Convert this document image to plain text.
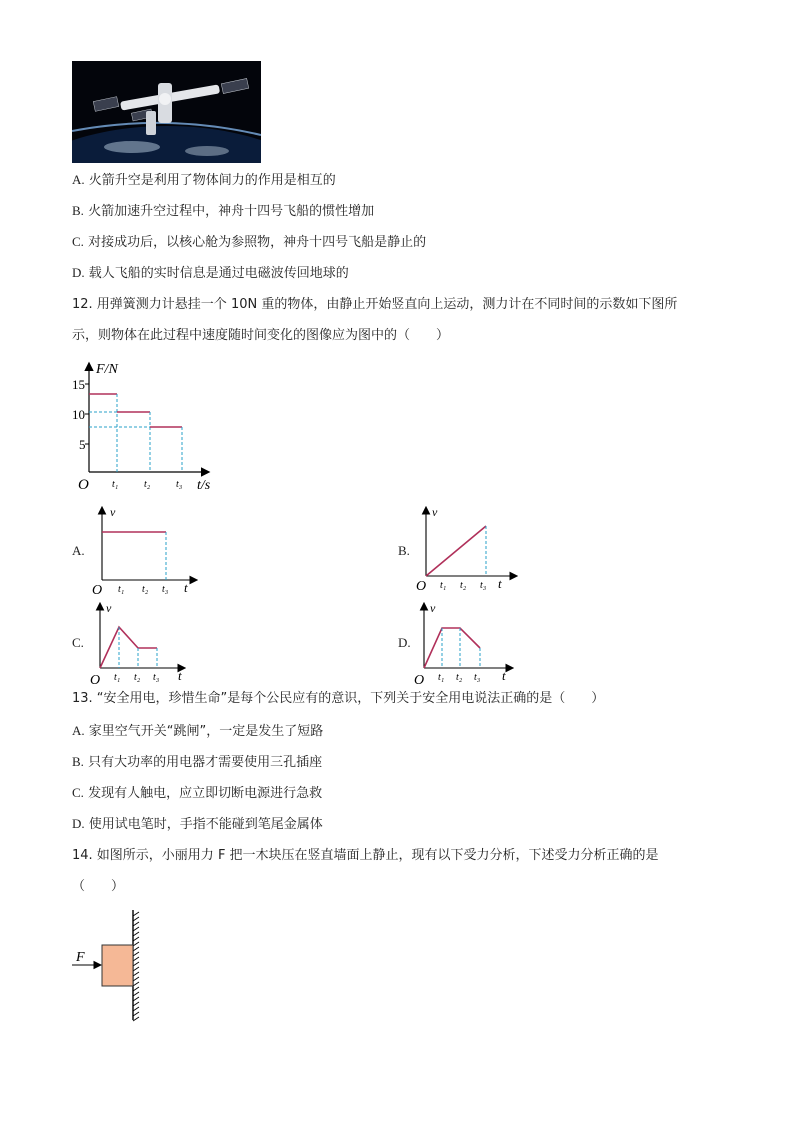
A. 火箭升空是利用了物体间力的作用是相互的
B. 火箭加速升空过程中，神舟十四号飞船的惯性增加
C. 对接成功后，以核心舱为参照物，神舟十四号飞船是静止的
D. 载人飞船的实时信息是通过电磁波传回地球的
12. 用弹簧测力计悬挂一个 10N 重的物体，由静止开始竖直向上运动，测力计在不同时间的示数如下图所
示，则物体在此过程中速度随时间变化的图像应为图中的（　　）
F/N
15
10
5
O t₁	t₂	t₃ t/s
A.
v
O t₁ t₂ t₃ t
B.
v
O t₁ t₂ t₃ t
C.
v
O t₁ t₂ t₃ t
D.
v
O t₁ t₂ t₃ t
13. “安全用电，珍惜生命”是每个公民应有的意识，下列关于安全用电说法正确的是（　　）
A. 家里空气开关“跳闸”，一定是发生了短路
B. 只有大功率的用电器才需要使用三孔插座
C. 发现有人触电，应立即切断电源进行急救
D. 使用试电笔时，手指不能碰到笔尾金属体
14. 如图所示，小丽用力 F 把一木块压在竖直墙面上静止，现有以下受力分析，下述受力分析正确的是
（　　）
F
